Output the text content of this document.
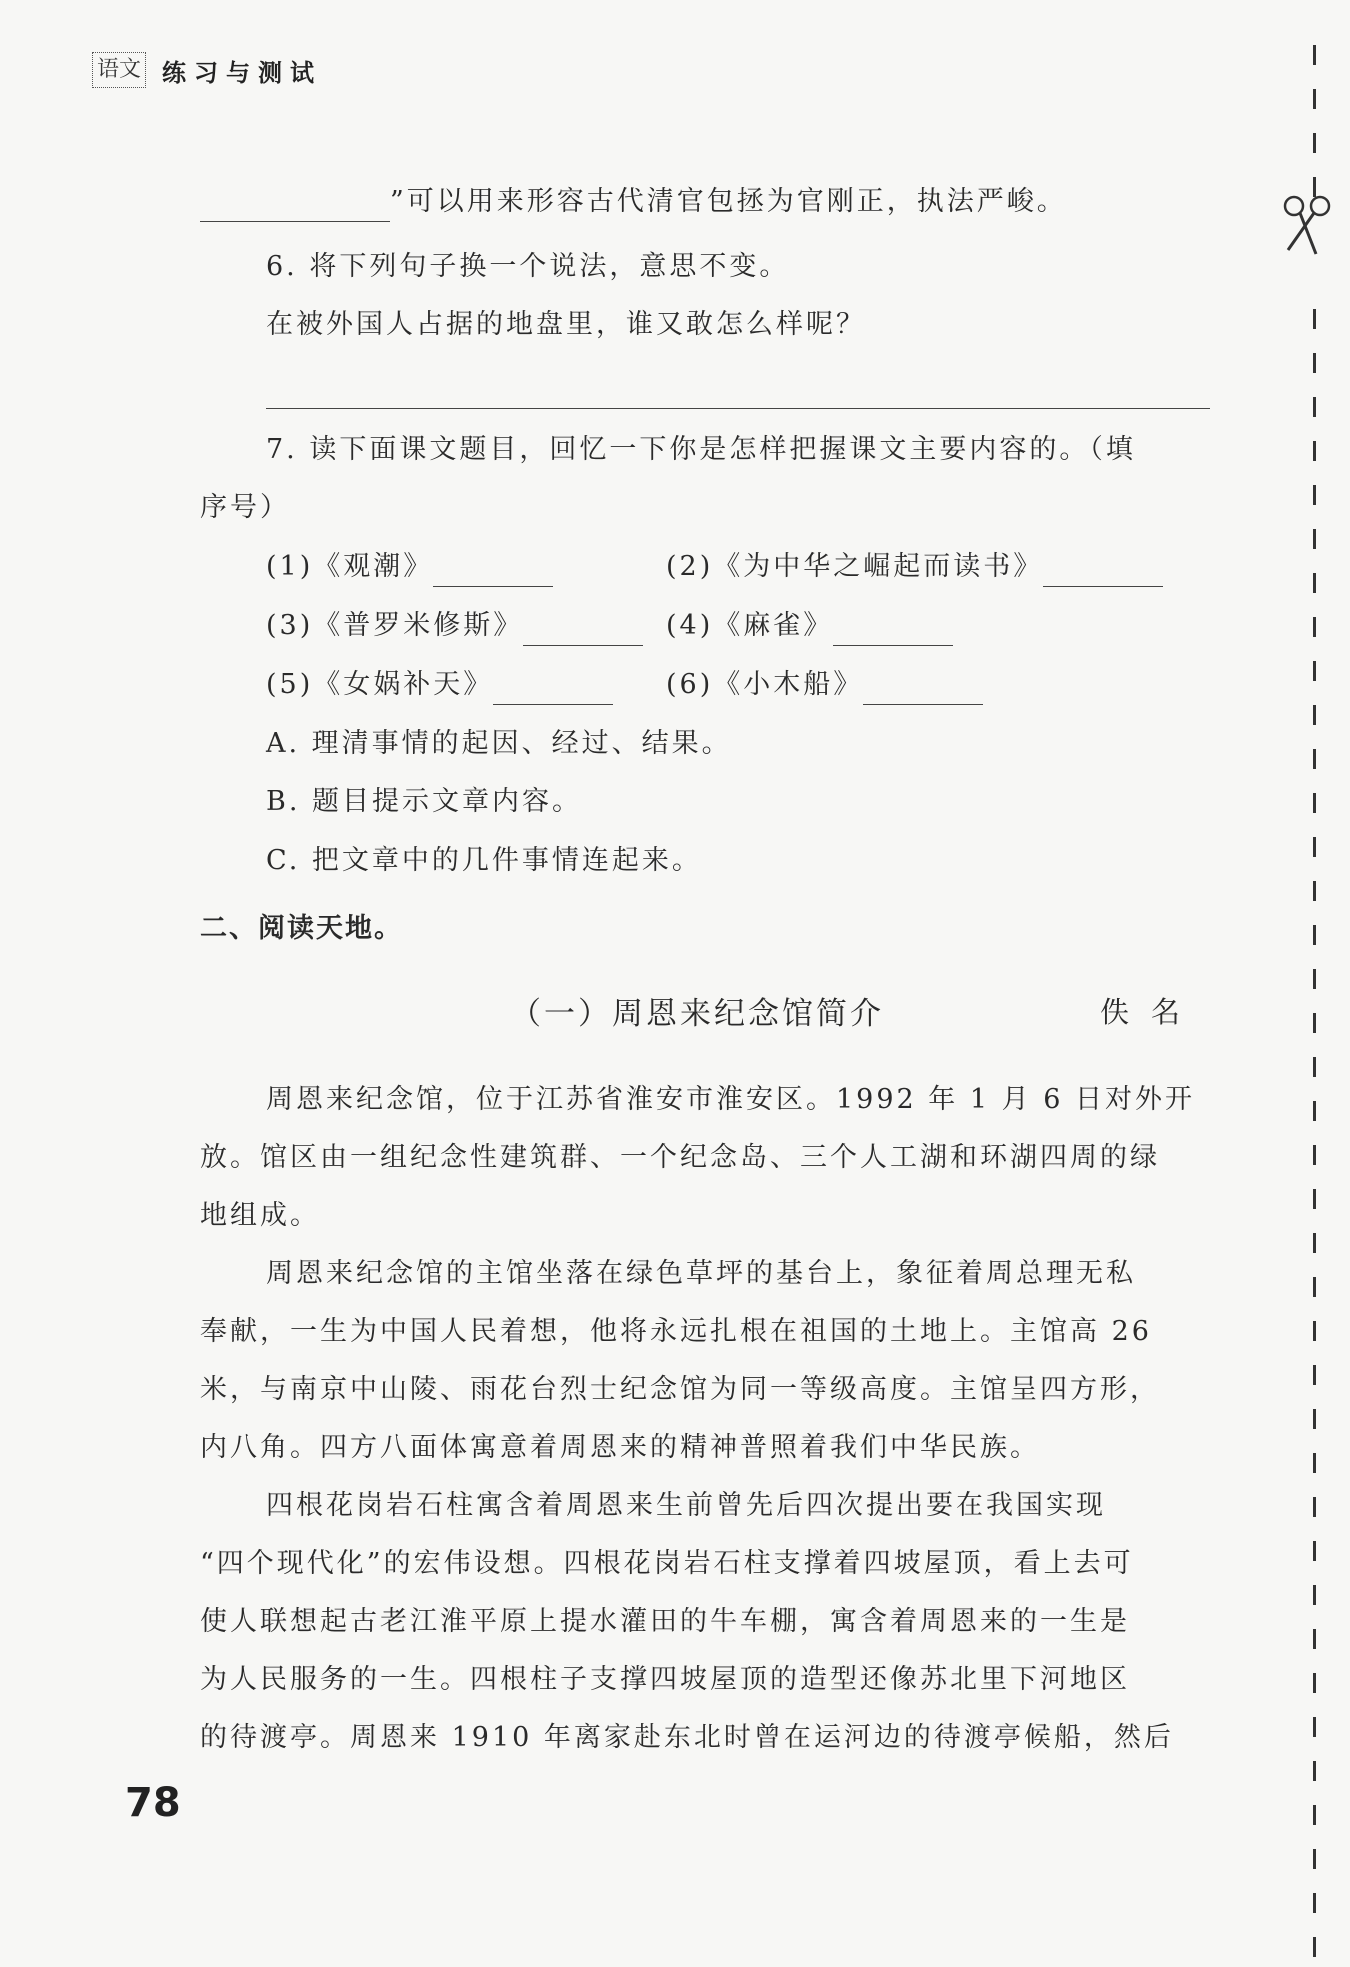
语文 练习与测试
”可以用来形容古代清官包拯为官刚正，执法严峻。
6. 将下列句子换一个说法，意思不变。
在被外国人占据的地盘里，谁又敢怎么样呢？
7. 读下面课文题目，回忆一下你是怎样把握课文主要内容的。（填
序号）
(1)《观潮》	(2)《为中华之崛起而读书》
(3)《普罗米修斯》	(4)《麻雀》
(5)《女娲补天》	(6)《小木船》
A. 理清事情的起因、经过、结果。
B. 题目提示文章内容。
C. 把文章中的几件事情连起来。
二、阅读天地。
（一）周恩来纪念馆简介	佚名
周恩来纪念馆，位于江苏省淮安市淮安区。1992 年 1 月 6 日对外开
放。馆区由一组纪念性建筑群、一个纪念岛、三个人工湖和环湖四周的绿
地组成。
周恩来纪念馆的主馆坐落在绿色草坪的基台上，象征着周总理无私
奉献，一生为中国人民着想，他将永远扎根在祖国的土地上。主馆高 26
米，与南京中山陵、雨花台烈士纪念馆为同一等级高度。主馆呈四方形，
内八角。四方八面体寓意着周恩来的精神普照着我们中华民族。
四根花岗岩石柱寓含着周恩来生前曾先后四次提出要在我国实现
“四个现代化”的宏伟设想。四根花岗岩石柱支撑着四坡屋顶，看上去可
使人联想起古老江淮平原上提水灌田的牛车棚，寓含着周恩来的一生是
为人民服务的一生。四根柱子支撑四坡屋顶的造型还像苏北里下河地区
的待渡亭。周恩来 1910 年离家赴东北时曾在运河边的待渡亭候船，然后
78
